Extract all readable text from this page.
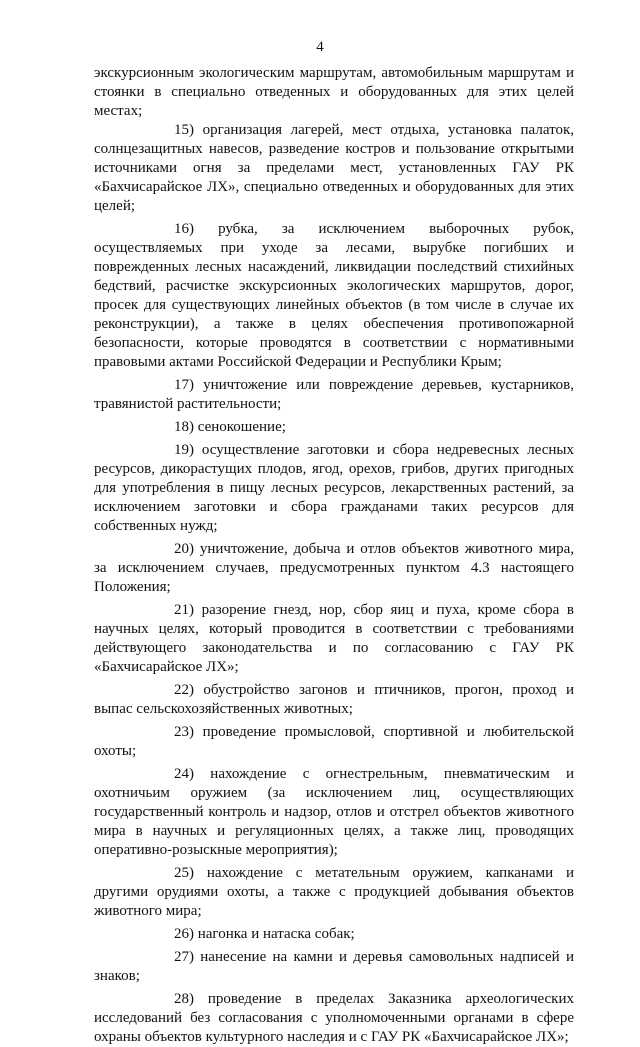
4

экскурсионным экологическим маршрутам, автомобильным маршрутам и стоянки в специально отведенных и оборудованных для этих целей местах;

15) организация лагерей, мест отдыха, установка палаток, солнцезащитных навесов, разведение костров и пользование открытыми источниками огня за пределами мест, установленных ГАУ РК «Бахчисарайское ЛХ», специально отведенных и оборудованных для этих целей;

16) рубка, за исключением выборочных рубок, осуществляемых при уходе за лесами, вырубке погибших и поврежденных лесных насаждений, ликвидации последствий стихийных бедствий, расчистке экскурсионных экологических маршрутов, дорог, просек для существующих линейных объектов (в том числе в случае их реконструкции), а также в целях обеспечения противопожарной безопасности, которые проводятся в соответствии с нормативными правовыми актами Российской Федерации и Республики Крым;

17) уничтожение или повреждение деревьев, кустарников, травянистой растительности;

18) сенокошение;

19) осуществление заготовки и сбора недревесных лесных ресурсов, дикорастущих плодов, ягод, орехов, грибов, других пригодных для употребления в пищу лесных ресурсов, лекарственных растений, за исключением заготовки и сбора гражданами таких ресурсов для собственных нужд;

20) уничтожение, добыча и отлов объектов животного мира, за исключением случаев, предусмотренных пунктом 4.3 настоящего Положения;

21) разорение гнезд, нор, сбор яиц и пуха, кроме сбора в научных целях, который проводится в соответствии с требованиями действующего законодательства и по согласованию с ГАУ РК «Бахчисарайское ЛХ»;

22) обустройство загонов и птичников, прогон, проход и выпас сельскохозяйственных животных;

23) проведение промысловой, спортивной и любительской охоты;

24) нахождение с огнестрельным, пневматическим и охотничьим оружием (за исключением лиц, осуществляющих государственный контроль и надзор, отлов и отстрел объектов животного мира в научных и регуляционных целях, а также лиц, проводящих оперативно-розыскные мероприятия);

25) нахождение с метательным оружием, капканами и другими орудиями охоты, а также с продукцией добывания объектов животного мира;

26) нагонка и натаска собак;

27) нанесение на камни и деревья самовольных надписей и знаков;

28) проведение в пределах Заказника археологических исследований без согласования с уполномоченными органами в сфере охраны объектов культурного наследия и с ГАУ РК «Бахчисарайское ЛХ»;
